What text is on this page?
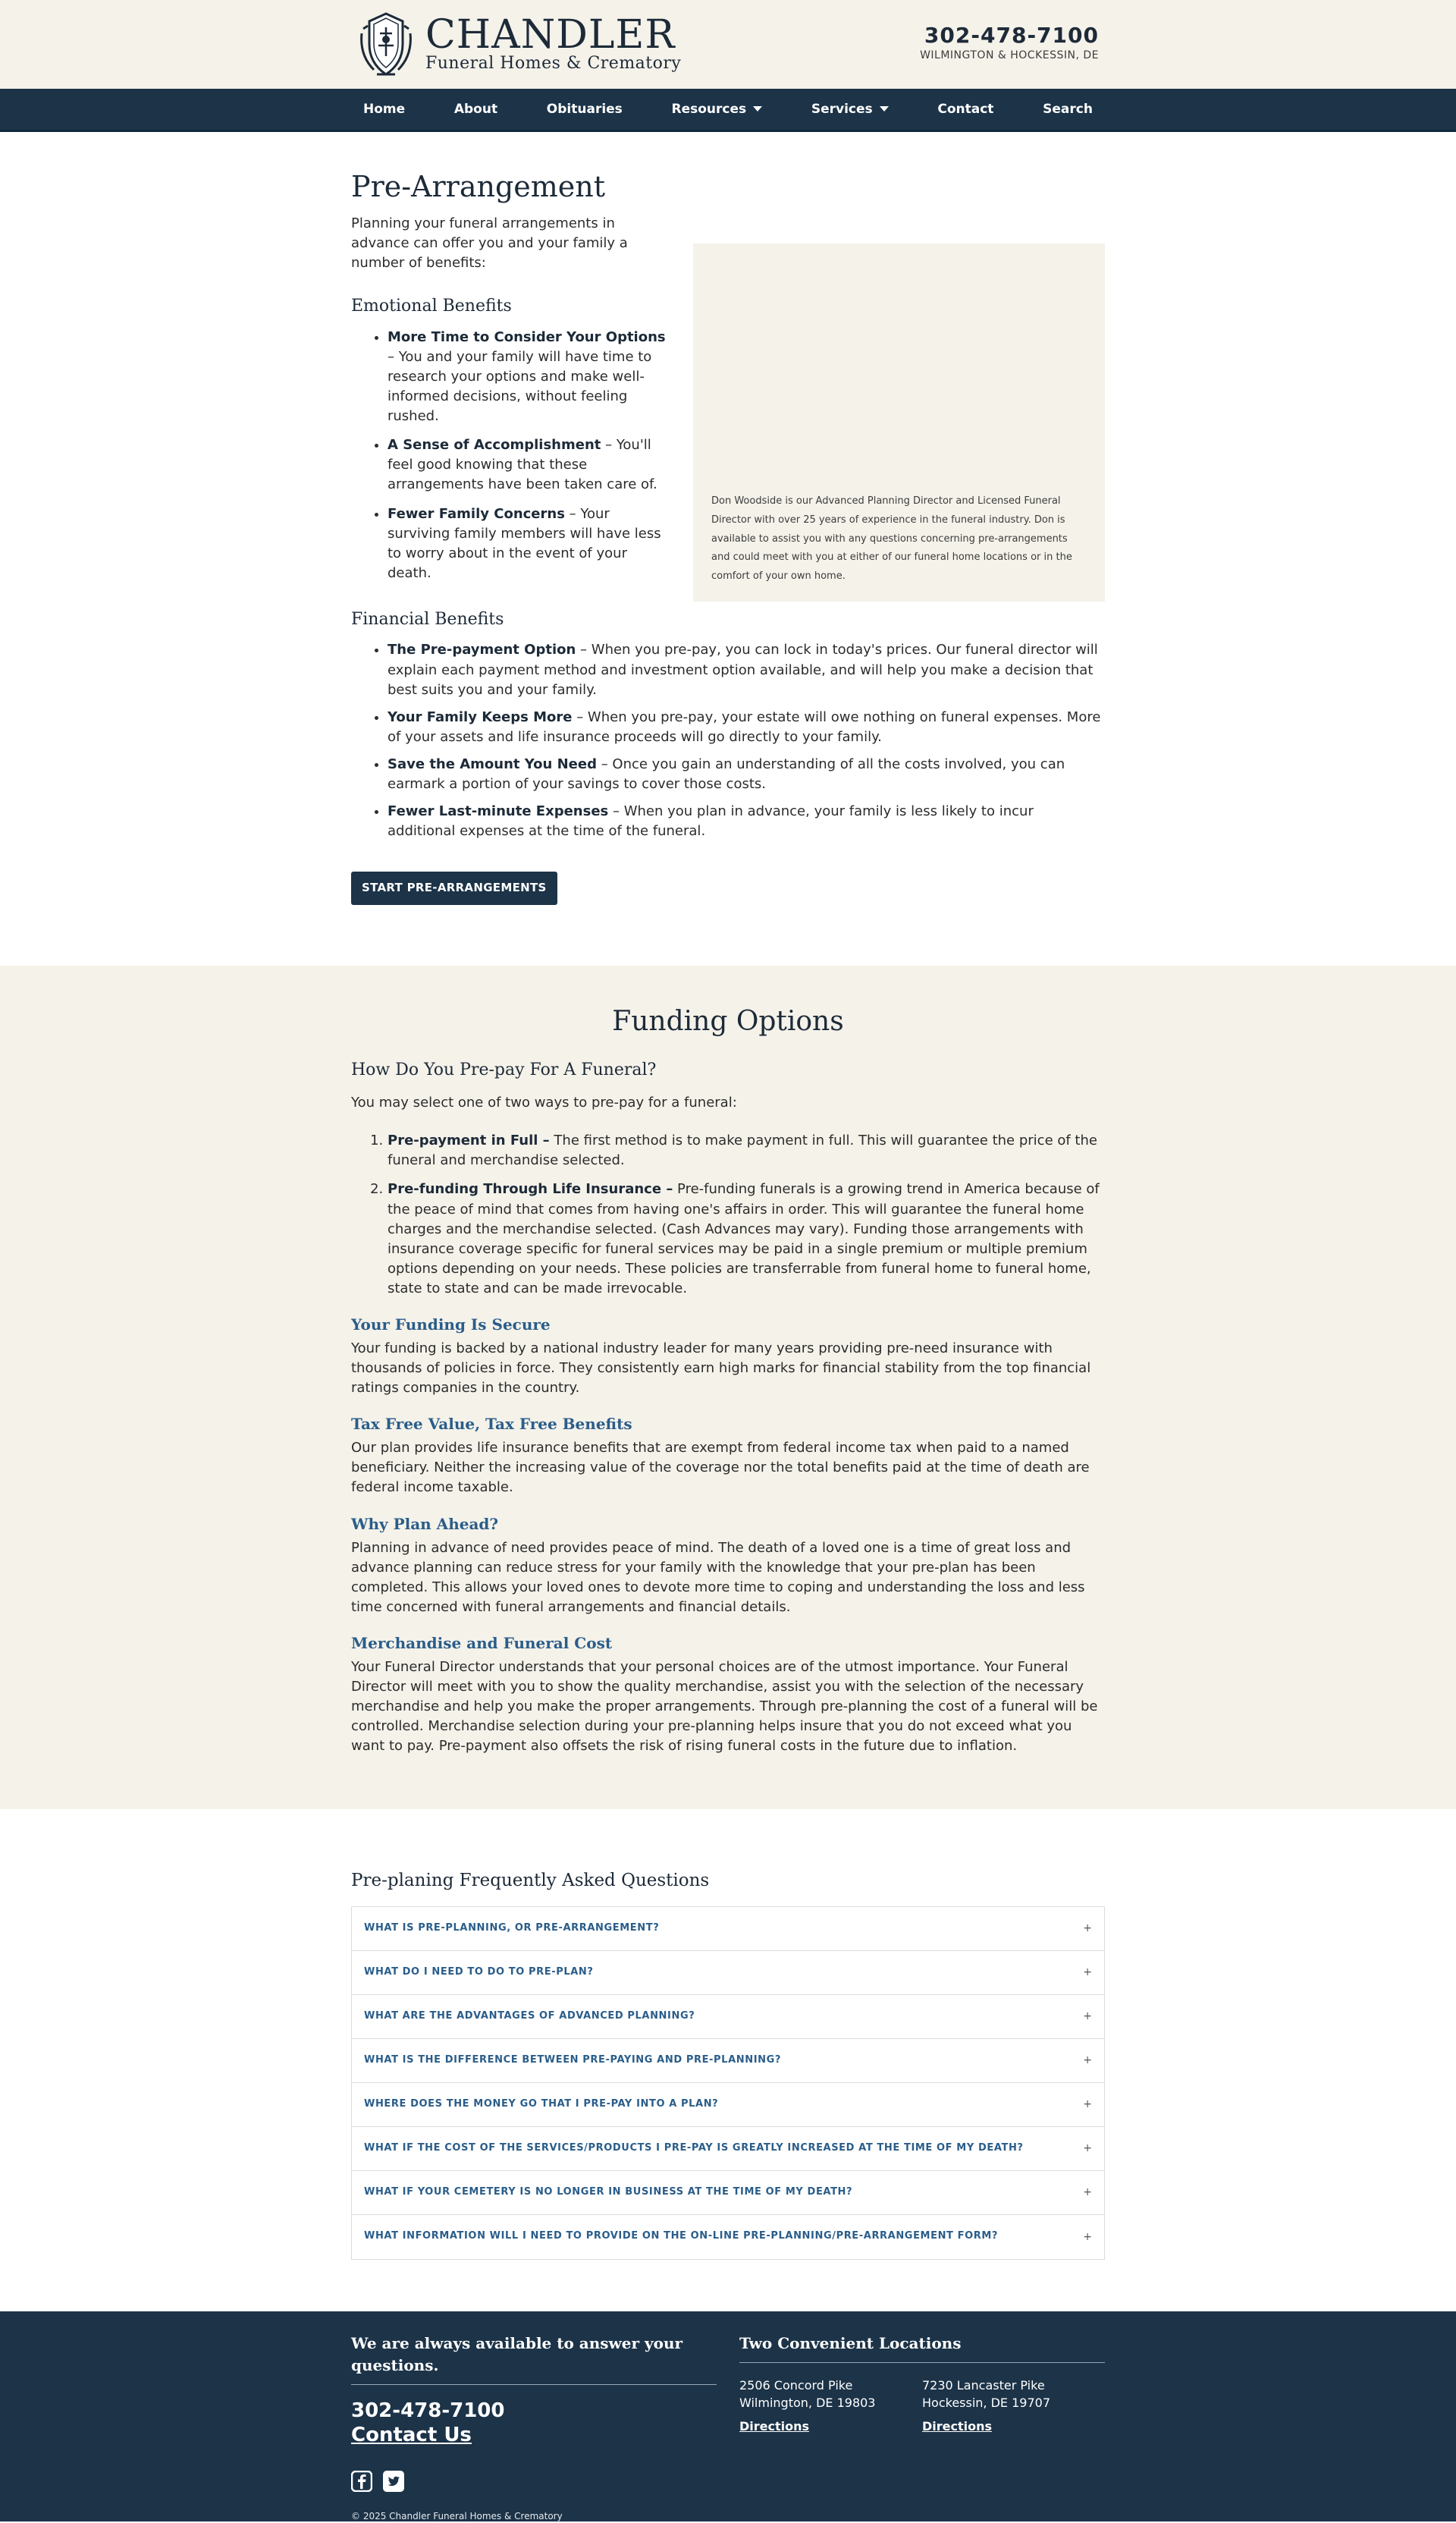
CHANDLER
Funeral Homes & Crematory
302-478-7100
WILMINGTON & HOCKESSIN, DE
Home	About	Obituaries	Resources	Services	Contact	Search
Pre-Arrangement

Planning your funeral arrangements in advance can offer you and your family a number of benefits:

Emotional Benefits
• More Time to Consider Your Options – You and your family will have time to research your options and make well-informed decisions, without feeling rushed.
• A Sense of Accomplishment – You'll feel good knowing that these arrangements have been taken care of.
• Fewer Family Concerns – Your surviving family members will have less to worry about in the event of your death.
Don Woodside is our Advanced Planning Director and Licensed Funeral Director with over 25 years of experience in the funeral industry. Don is available to assist you with any questions concerning pre-arrangements and could meet with you at either of our funeral home locations or in the comfort of your own home.
Financial Benefits
• The Pre-payment Option – When you pre-pay, you can lock in today's prices. Our funeral director will explain each payment method and investment option available, and will help you make a decision that best suits you and your family.
• Your Family Keeps More – When you pre-pay, your estate will owe nothing on funeral expenses. More of your assets and life insurance proceeds will go directly to your family.
• Save the Amount You Need – Once you gain an understanding of all the costs involved, you can earmark a portion of your savings to cover those costs.
• Fewer Last-minute Expenses – When you plan in advance, your family is less likely to incur additional expenses at the time of the funeral.
START PRE-ARRANGEMENTS
Funding Options
How Do You Pre-pay For A Funeral?

You may select one of two ways to pre-pay for a funeral:

1. Pre-payment in Full – The first method is to make payment in full. This will guarantee the price of the funeral and merchandise selected.
2. Pre-funding Through Life Insurance – Pre-funding funerals is a growing trend in America because of the peace of mind that comes from having one's affairs in order. This will guarantee the funeral home charges and the merchandise selected. (Cash Advances may vary). Funding those arrangements with insurance coverage specific for funeral services may be paid in a single premium or multiple premium options depending on your needs. These policies are transferrable from funeral home to funeral home, state to state and can be made irrevocable.
Your Funding Is Secure

Your funding is backed by a national industry leader for many years providing pre-need insurance with thousands of policies in force. They consistently earn high marks for financial stability from the top financial ratings companies in the country.

Tax Free Value, Tax Free Benefits

Our plan provides life insurance benefits that are exempt from federal income tax when paid to a named beneficiary. Neither the increasing value of the coverage nor the total benefits paid at the time of death are federal income taxable.

Why Plan Ahead?

Planning in advance of need provides peace of mind. The death of a loved one is a time of great loss and advance planning can reduce stress for your family with the knowledge that your pre-plan has been completed. This allows your loved ones to devote more time to coping and understanding the loss and less time concerned with funeral arrangements and financial details.

Merchandise and Funeral Cost

Your Funeral Director understands that your personal choices are of the utmost importance. Your Funeral Director will meet with you to show the quality merchandise, assist you with the selection of the necessary merchandise and help you make the proper arrangements. Through pre-planning the cost of a funeral will be controlled. Merchandise selection during your pre-planning helps insure that you do not exceed what you want to pay. Pre-payment also offsets the risk of rising funeral costs in the future due to inflation.

Pre-planing Frequently Asked Questions
WHAT IS PRE-PLANNING, OR PRE-ARRANGEMENT?	+
WHAT DO I NEED TO DO TO PRE-PLAN?	+
WHAT ARE THE ADVANTAGES OF ADVANCED PLANNING?	+
WHAT IS THE DIFFERENCE BETWEEN PRE-PAYING AND PRE-PLANNING?	+
WHERE DOES THE MONEY GO THAT I PRE-PAY INTO A PLAN?	+
WHAT IF THE COST OF THE SERVICES/PRODUCTS I PRE-PAY IS GREATLY INCREASED AT THE TIME OF MY DEATH?	+
WHAT IF YOUR CEMETERY IS NO LONGER IN BUSINESS AT THE TIME OF MY DEATH?	+
WHAT INFORMATION WILL I NEED TO PROVIDE ON THE ON-LINE PRE-PLANNING/PRE-ARRANGEMENT FORM?	+
We are always available to answer your questions.
302-478-7100
Contact Us
© 2025 Chandler Funeral Homes & Crematory
Two Convenient Locations
2506 Concord Pike
Wilmington, DE 19803
Directions
7230 Lancaster Pike
Hockessin, DE 19707
Directions
